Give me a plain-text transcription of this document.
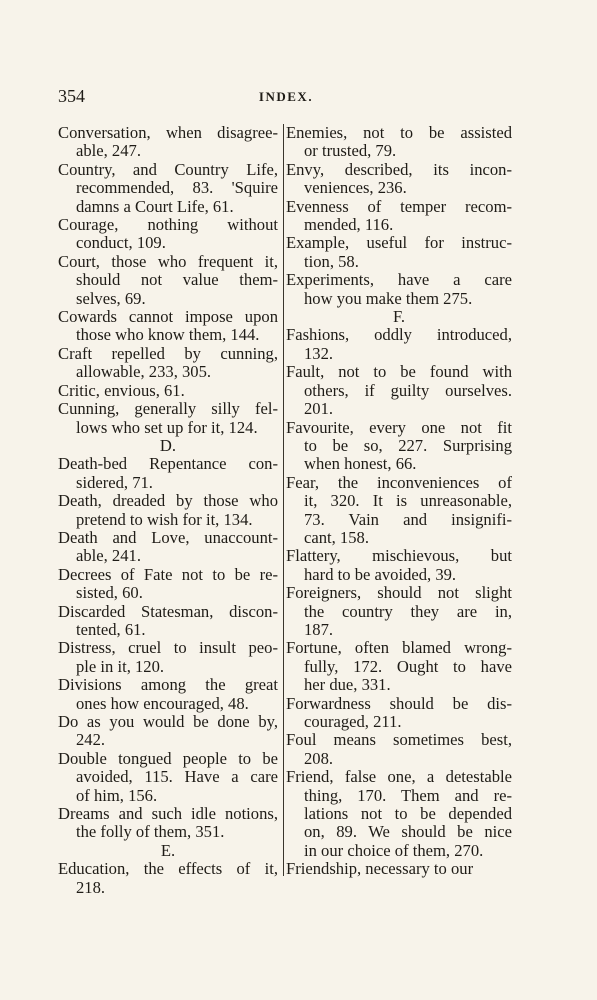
354	INDEX.
Conversation, when disagree-
able, 247.
Country, and Country Life,
recommended, 83. 'Squire
damns a Court Life, 61.
Courage, nothing without
conduct, 109.
Court, those who frequent it,
should not value them-
selves, 69.
Cowards cannot impose upon
those who know them, 144.
Craft repelled by cunning,
allowable, 233, 305.
Critic, envious, 61.
Cunning, generally silly fel-
lows who set up for it, 124.
D.
Death-bed Repentance con-
sidered, 71.
Death, dreaded by those who
pretend to wish for it, 134.
Death and Love, unaccount-
able, 241.
Decrees of Fate not to be re-
sisted, 60.
Discarded Statesman, discon-
tented, 61.
Distress, cruel to insult peo-
ple in it, 120.
Divisions among the great
ones how encouraged, 48.
Do as you would be done by,
242.
Double tongued people to be
avoided, 115. Have a care
of him, 156.
Dreams and such idle notions,
the folly of them, 351.
E.
Education, the effects of it,
218.
Enemies, not to be assisted
or trusted, 79.
Envy, described, its incon-
veniences, 236.
Evenness of temper recom-
mended, 116.
Example, useful for instruc-
tion, 58.
Experiments, have a care
how you make them 275.
F.
Fashions, oddly introduced,
132.
Fault, not to be found with
others, if guilty ourselves.
201.
Favourite, every one not fit
to be so, 227. Surprising
when honest, 66.
Fear, the inconveniences of
it, 320. It is unreasonable,
73. Vain and insignifi-
cant, 158.
Flattery, mischievous, but
hard to be avoided, 39.
Foreigners, should not slight
the country they are in,
187.
Fortune, often blamed wrong-
fully, 172. Ought to have
her due, 331.
Forwardness should be dis-
couraged, 211.
Foul means sometimes best,
208.
Friend, false one, a detestable
thing, 170. Them and re-
lations not to be depended
on, 89. We should be nice
in our choice of them, 270.
Friendship, necessary to our
